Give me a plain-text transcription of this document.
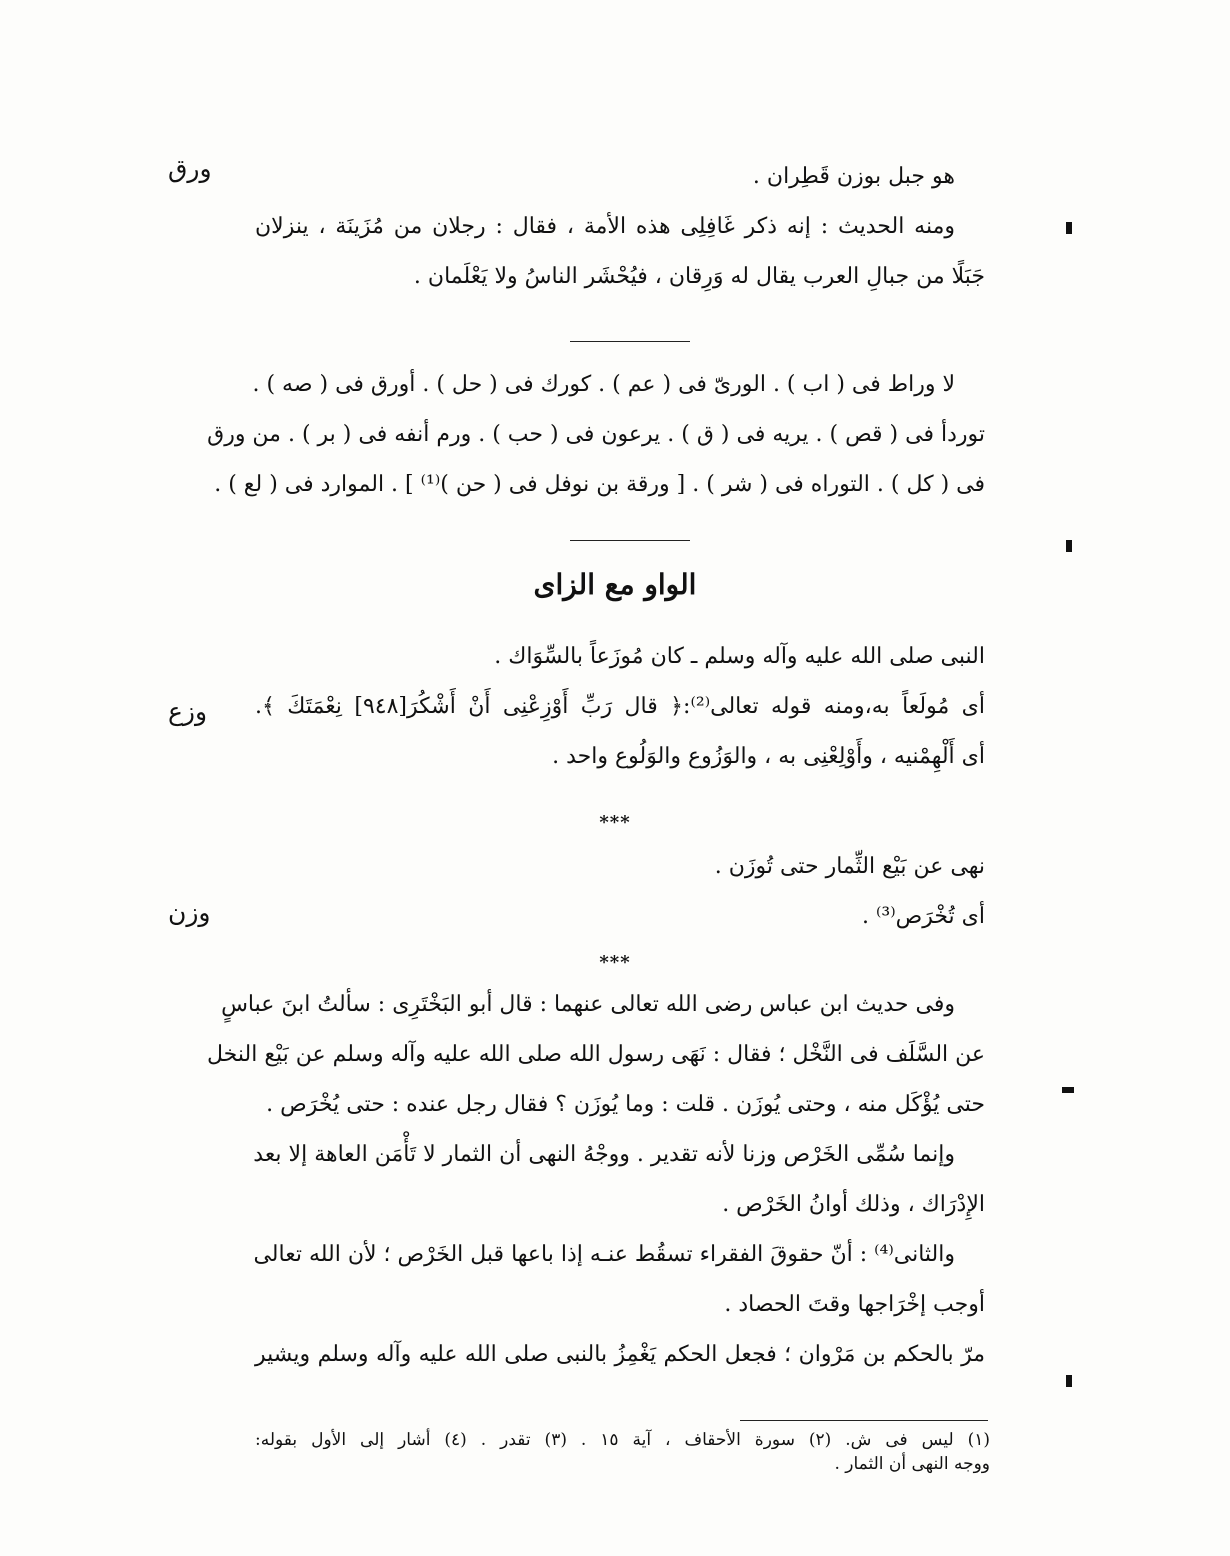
ورق	هو جبل بوزن قَطِران .
ومنه الحديث : إنه ذكر غَافِلِى هذه الأمة ، فقال : رجلان من مُزَينَة ، ينزلان
جَبَلًا من جبالِ العرب يقال له وَرِقان ، فيُحْشَر الناسُ ولا يَعْلَمان .
لا وراط فى ( اب ) . الورىّ فى ( عم ) . كورك فى ( حل ) . أورق فى ( صه ) .
توردأ فى ( قص ) . يريه فى ( ق ) . يرعون فى ( حب ) . ورم أنفه فى ( بر ) . من ورق
فى ( كل ) . التوراه فى ( شر ) . [ ورقة بن نوفل فى ( حن )⁽¹⁾ ] . الموارد فى ( لع ) .
الواو مع الزاى
وزع
النبى صلى الله عليه وآله وسلم ـ كان مُوزَعاً بالسِّوَاك .
أى مُولَعاً به،ومنه قوله تعالى⁽²⁾:﴿ قال رَبِّ أَوْزِعْنِى أَنْ أَشْكُرَ[٩٤٨] نِعْمَتَكَ ﴾.
أى أَلْهِمْنيه ، وأَوْلِعْنِى به ، والوَزُوع والوَلُوع واحد .
***
وزن
نهى عن بَيْع الثِّمار حتى تُوزَن .
أى تُخْرَص⁽³⁾ .
***
وفى حديث ابن عباس رضى الله تعالى عنهما : قال أبو البَخْتَرِى : سألتُ ابنَ عباسٍ
عن السَّلَف فى النَّخْل ؛ فقال : نَهَى رسول الله صلى الله عليه وآله وسلم عن بَيْع النخل
حتى يُؤْكَل منه ، وحتى يُوزَن . قلت : وما يُوزَن ؟ فقال رجل عنده : حتى يُخْرَص .
وإنما سُمِّى الخَرْص وزنا لأنه تقدير . ووجْهُ النهى أن الثمار لا تَأْمَن العاهة إلا بعد
الإِدْرَاك ، وذلك أوانُ الخَرْص .
والثانى⁽⁴⁾ : أنّ حقوقَ الفقراء تسقُط عنـه إذا باعها قبل الخَرْص ؛ لأن الله تعالى
أوجب إخْرَاجها وقتَ الحصاد .
مرّ بالحكم بن مَرْوان ؛ فجعل الحكم يَغْمِزُ بالنبى صلى الله عليه وآله وسلم ويشير
(١) ليس فى ش. (٢) سورة الأحقاف ، آية ١٥ . (٣) تقدر . (٤) أشار إلى الأول بقوله:
ووجه النهى أن الثمار .
